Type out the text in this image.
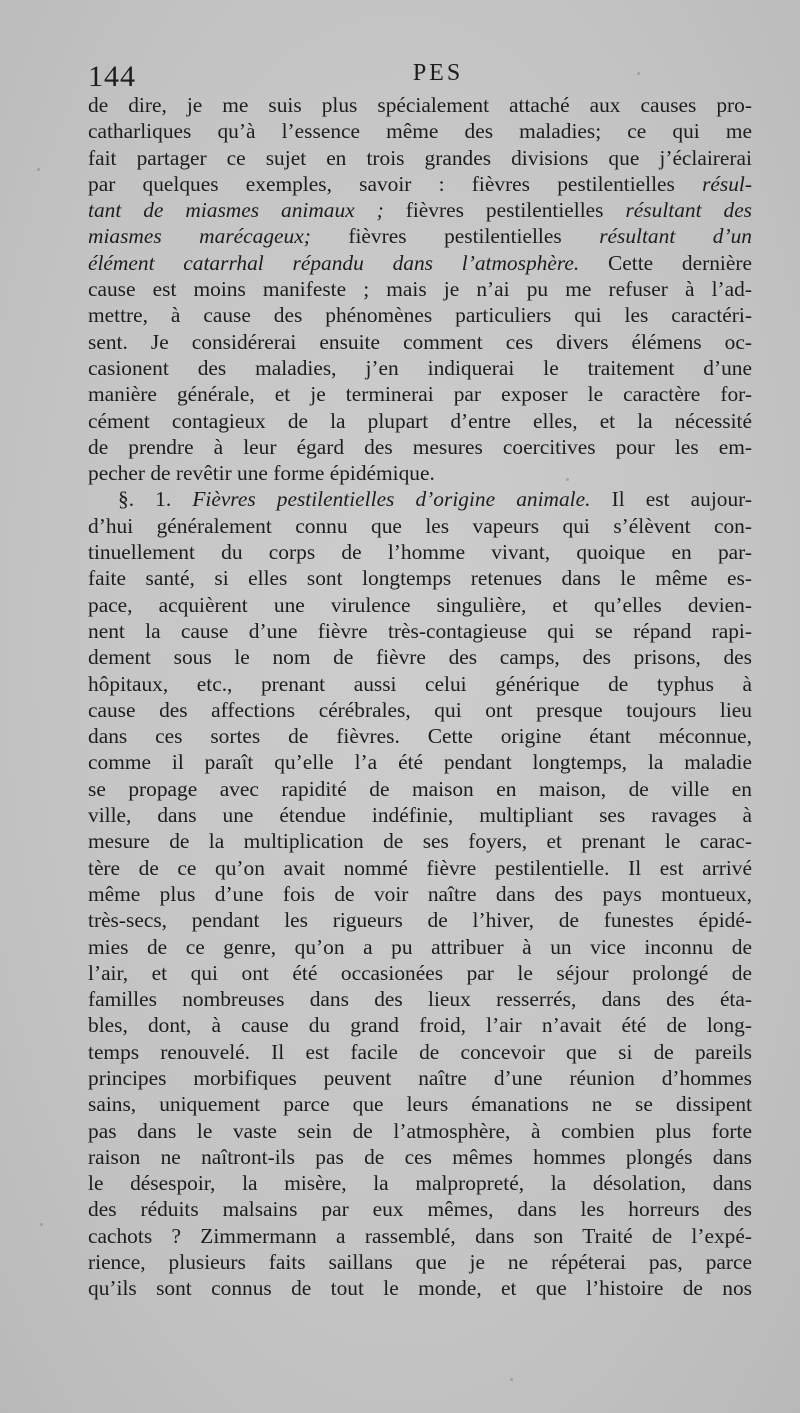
144	PES
de dire, je me suis plus spécialement attaché aux causes pro-
catharliques qu’à l’essence même des maladies; ce qui me
fait partager ce sujet en trois grandes divisions que j’éclairerai
par quelques exemples, savoir : fièvres pestilentielles résul-
tant de miasmes animaux ; fièvres pestilentielles résultant des
miasmes marécageux; fièvres pestilentielles résultant d’un
élément catarrhal répandu dans l’atmosphère. Cette dernière
cause est moins manifeste ; mais je n’ai pu me refuser à l’ad-
mettre, à cause des phénomènes particuliers qui les caractéri-
sent. Je considérerai ensuite comment ces divers élémens oc-
casionent des maladies, j’en indiquerai le traitement d’une
manière générale, et je terminerai par exposer le caractère for-
cément contagieux de la plupart d’entre elles, et la nécessité
de prendre à leur égard des mesures coercitives pour les em-
pecher de revêtir une forme épidémique.
§. 1. Fièvres pestilentielles d’origine animale. Il est aujour-
d’hui généralement connu que les vapeurs qui s’élèvent con-
tinuellement du corps de l’homme vivant, quoique en par-
faite santé, si elles sont longtemps retenues dans le même es-
pace, acquièrent une virulence singulière, et qu’elles devien-
nent la cause d’une fièvre très-contagieuse qui se répand rapi-
dement sous le nom de fièvre des camps, des prisons, des
hôpitaux, etc., prenant aussi celui générique de typhus à
cause des affections cérébrales, qui ont presque toujours lieu
dans ces sortes de fièvres. Cette origine étant méconnue,
comme il paraît qu’elle l’a été pendant longtemps, la maladie
se propage avec rapidité de maison en maison, de ville en
ville, dans une étendue indéfinie, multipliant ses ravages à
mesure de la multiplication de ses foyers, et prenant le carac-
tère de ce qu’on avait nommé fièvre pestilentielle. Il est arrivé
même plus d’une fois de voir naître dans des pays montueux,
très-secs, pendant les rigueurs de l’hiver, de funestes épidé-
mies de ce genre, qu’on a pu attribuer à un vice inconnu de
l’air, et qui ont été occasionées par le séjour prolongé de
familles nombreuses dans des lieux resserrés, dans des éta-
bles, dont, à cause du grand froid, l’air n’avait été de long-
temps renouvelé. Il est facile de concevoir que si de pareils
principes morbifiques peuvent naître d’une réunion d’hommes
sains, uniquement parce que leurs émanations ne se dissipent
pas dans le vaste sein de l’atmosphère, à combien plus forte
raison ne naîtront-ils pas de ces mêmes hommes plongés dans
le désespoir, la misère, la malpropreté, la désolation, dans
des réduits malsains par eux mêmes, dans les horreurs des
cachots ? Zimmermann a rassemblé, dans son Traité de l’expé-
rience, plusieurs faits saillans que je ne répéterai pas, parce
qu’ils sont connus de tout le monde, et que l’histoire de nos
